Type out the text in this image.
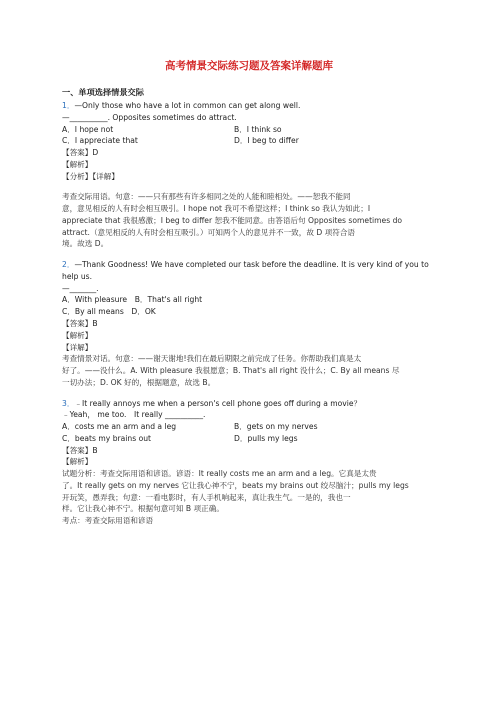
高考情景交际练习题及答案详解题库
一、单项选择情景交际
1．—Only those who have a lot in common can get along well.
—__________. Opposites sometimes do attract.
A．I hope not	B．I think so
C．I appreciate that	D．I beg to differ
【答案】D
【解析】
【分析】【详解】
考查交际用语。句意：——只有那些有许多相同之处的人能和睦相处。——恕我不能同
意，意见相反的人有时会相互吸引。I hope not 我可不希望这样；I think so 我认为如此；I
appreciate that 我很感激；I beg to differ 恕我不能同意。由答语后句 Opposites sometimes do
attract.（意见相反的人有时会相互吸引。）可知两个人的意见并不一致，故 D 项符合语
境。故选 D。
2．—Thank Goodness! We have completed our task before the deadline. It is very kind of you to
help us.
—_______.
A．With pleasure　B．That's all right
C．By all means　D．OK
【答案】B
【解析】
【详解】
考查情景对话。句意：——谢天谢地!我们在最后期限之前完成了任务。你帮助我们真是太
好了。——没什么。A. With pleasure 我很愿意；B. That's all right 没什么；C. By all means 尽
一切办法；D. OK 好的，根据题意，故选 B。
3．﹣It really annoys me when a person's cell phone goes off during a movie？
﹣Yeah， me too.　It really __________.
A．costs me an arm and a leg	B．gets on my nerves
C．beats my brains out	D．pulls my legs
【答案】B
【解析】
试题分析：考查交际用语和谚语。谚语：It really costs me an arm and a leg。它真是太贵
了。It really gets on my nerves 它让我心神不宁，beats my brains out 绞尽脑汁；pulls my legs
开玩笑，愚弄我；句意：一看电影时，有人手机响起来，真让我生气。一是的，我也一
样。它让我心神不宁。根据句意可知 B 项正确。
考点：考查交际用语和谚语
